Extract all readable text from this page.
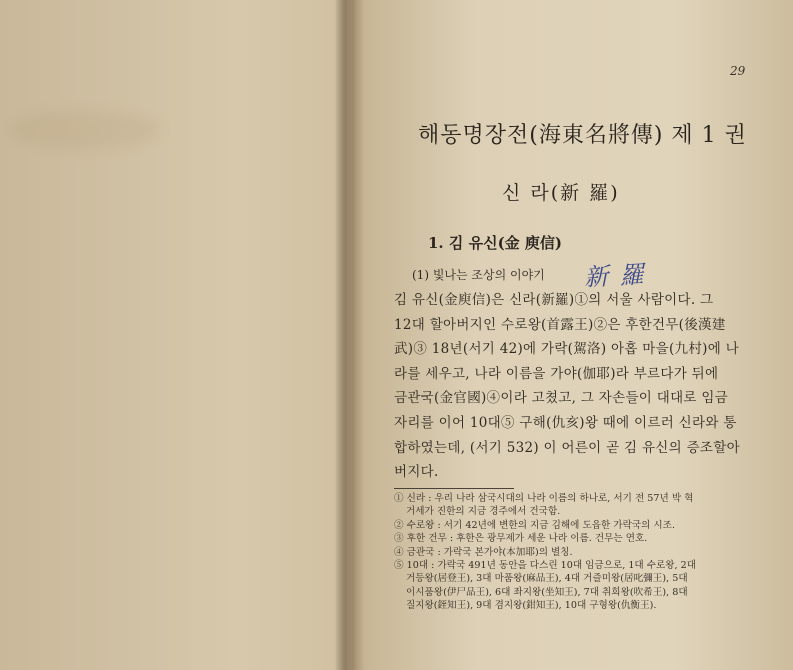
29
해동명장전(海東名將傳) 제 1 권
신 라(新 羅)
1. 김 유신(金 庾信)
(1) 빛나는 조상의 이야기 新 羅
김 유신(金庾信)은 신라(新羅)①의 서울 사람이다. 그
12대 할아버지인 수로왕(首露王)②은 후한건무(後漢建
武)③ 18년(서기 42)에 가락(駕洛) 아홉 마을(九村)에 나
라를 세우고, 나라 이름을 가야(伽耶)라 부르다가 뒤에
금관국(金官國)④이라 고쳤고, 그 자손들이 대대로 임금
자리를 이어 10대⑤ 구해(仇亥)왕 때에 이르러 신라와 통
합하였는데, (서기 532) 이 어른이 곧 김 유신의 증조할아
버지다.
① 신라 : 우리 나라 삼국시대의 나라 이름의 하나로, 서기 전 57년 박 혁
거세가 진한의 지금 경주에서 건국함.
② 수로왕 : 서기 42년에 변한의 지금 김해에 도읍한 가락국의 시조.
③ 후한 건무 : 후한은 광무제가 세운 나라 이름. 건무는 연호.
④ 금관국 : 가락국 본가야(本加耶)의 별칭.
⑤ 10대 : 가락국 491년 동안을 다스린 10대 임금으로, 1대 수로왕, 2대
거등왕(居登王), 3대 마품왕(麻品王), 4대 거즐미왕(居叱彌王), 5대
이시품왕(伊尸品王), 6대 좌지왕(坐知王), 7대 취희왕(吹希王), 8대
질지왕(銍知王), 9대 겸지왕(鉗知王), 10대 구형왕(仇衡王).
